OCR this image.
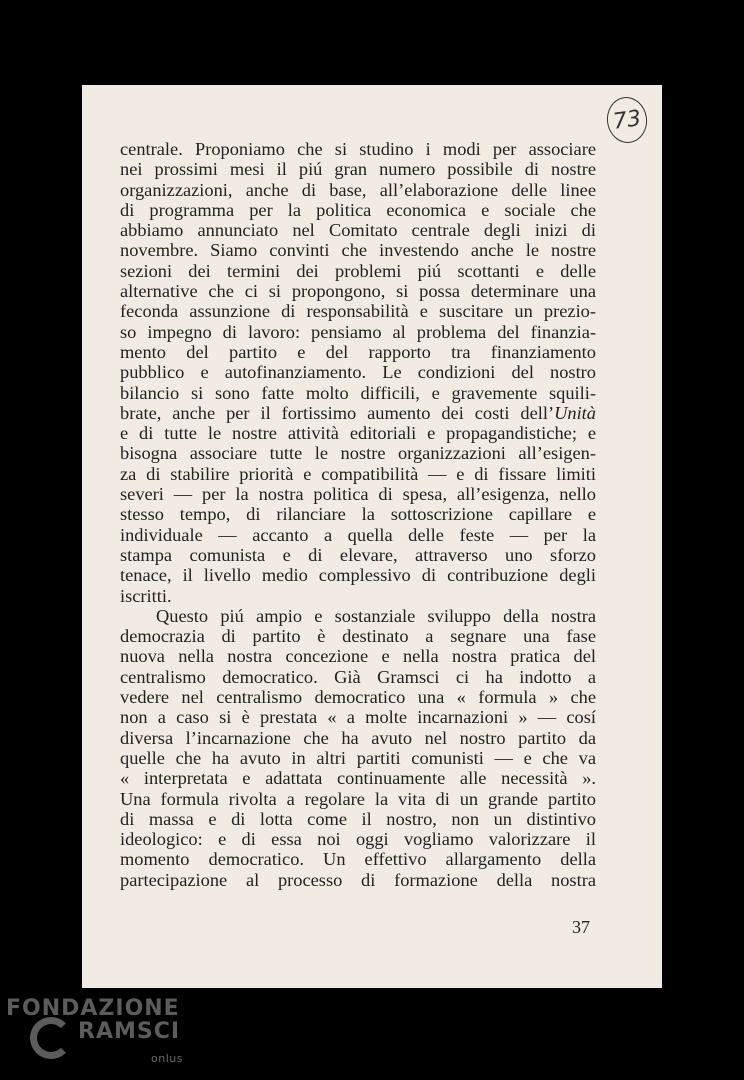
73
centrale. Proponiamo che si studino i modi per associare
nei prossimi mesi il piú gran numero possibile di nostre
organizzazioni, anche di base, all’elaborazione delle linee
di programma per la politica economica e sociale che
abbiamo annunciato nel Comitato centrale degli inizi di
novembre. Siamo convinti che investendo anche le nostre
sezioni dei termini dei problemi piú scottanti e delle
alternative che ci si propongono, si possa determinare una
feconda assunzione di responsabilità e suscitare un prezio-
so impegno di lavoro: pensiamo al problema del finanzia-
mento del partito e del rapporto tra finanziamento
pubblico e autofinanziamento. Le condizioni del nostro
bilancio si sono fatte molto difficili, e gravemente squili-
brate, anche per il fortissimo aumento dei costi dell’Unità
e di tutte le nostre attività editoriali e propagandistiche; e
bisogna associare tutte le nostre organizzazioni all’esigen-
za di stabilire priorità e compatibilità — e di fissare limiti
severi — per la nostra politica di spesa, all’esigenza, nello
stesso tempo, di rilanciare la sottoscrizione capillare e
individuale — accanto a quella delle feste — per la
stampa comunista e di elevare, attraverso uno sforzo
tenace, il livello medio complessivo di contribuzione degli
iscritti.
Questo piú ampio e sostanziale sviluppo della nostra
democrazia di partito è destinato a segnare una fase
nuova nella nostra concezione e nella nostra pratica del
centralismo democratico. Già Gramsci ci ha indotto a
vedere nel centralismo democratico una « formula » che
non a caso si è prestata « a molte incarnazioni » — cosí
diversa l’incarnazione che ha avuto nel nostro partito da
quelle che ha avuto in altri partiti comunisti — e che va
« interpretata e adattata continuamente alle necessità ».
Una formula rivolta a regolare la vita di un grande partito
di massa e di lotta come il nostro, non un distintivo
ideologico: e di essa noi oggi vogliamo valorizzare il
momento democratico. Un effettivo allargamento della
partecipazione al processo di formazione della nostra
37
FONDAZIONE
RAMSCI
onlus
